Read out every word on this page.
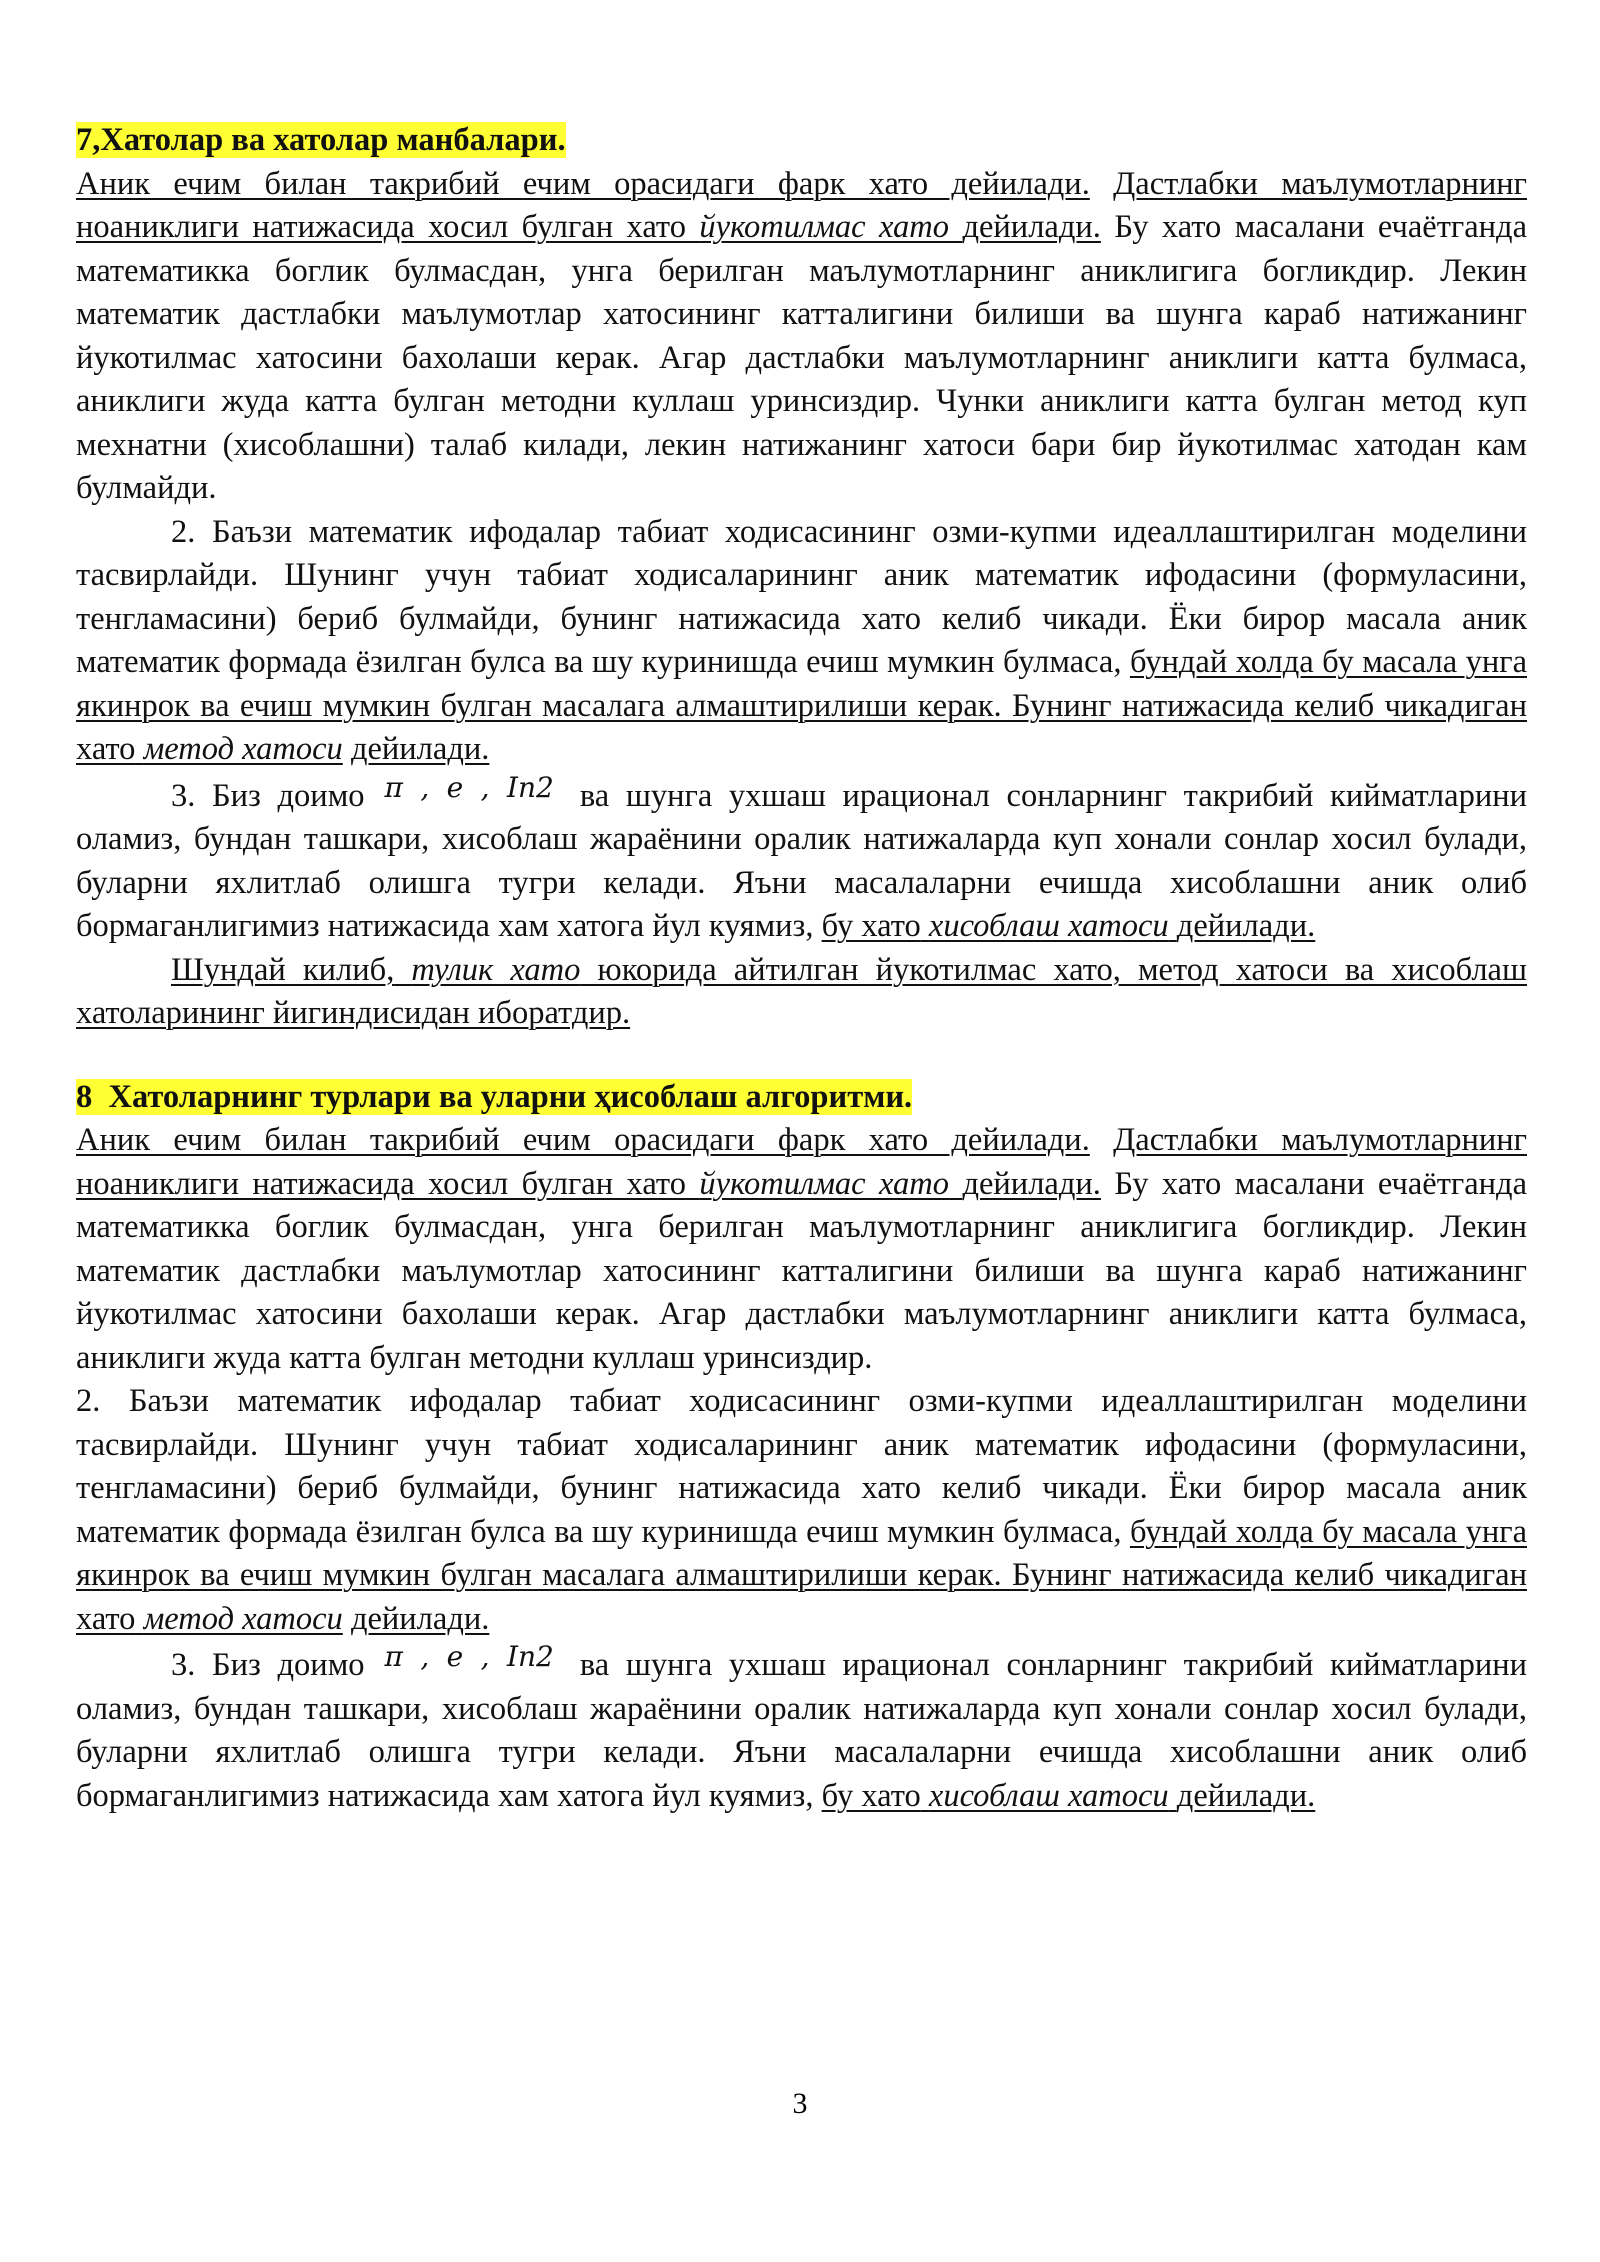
7,Хатолар ва хатолар манбалари.

Аник ечим билан такрибий ечим орасидаги фарк хато дейилади. Дастлабки маълумотларнинг ноаниклиги натижасида хосил булган хато йукотилмас хато дейилади. Бу хато масалани ечаётганда математикка боглик булмасдан, унга берилган маълумотларнинг аниклигига богликдир. Лекин математик дастлабки маълумотлар хатосининг катталигини билиши ва шунга караб натижанинг йукотилмас хатосини бахолаши керак. Агар дастлабки маълумотларнинг аниклиги катта булмаса, аниклиги жуда катта булган методни куллаш уринсиздир. Чунки аниклиги катта булган метод куп мехнатни (хисоблашни) талаб килади, лекин натижанинг хатоси бари бир йукотилмас хатодан кам булмайди.

2. Баъзи математик ифодалар табиат ходисасининг озми-купми идеаллаштирилган моделини тасвирлайди. Шунинг учун табиат ходисаларининг аник математик ифодасини (формуласини, тенгламасини) бериб булмайди, бунинг натижасида хато келиб чикади. Ёки бирор масала аник математик формада ёзилган булса ва шу куринишда ечиш мумкин булмаса, бундай холда бу масала унга якинрок ва ечиш мумкин булган масалага алмаштирилиши керак. Бунинг натижасида келиб чикадиган хато метод хатоси дейилади.

3. Биз доимо π , e , In2 ва шунга ухшаш ирационал сонларнинг такрибий кийматларини оламиз, бундан ташкари, хисоблаш жараёнини оралик натижаларда куп хонали сонлар хосил булади, буларни яхлитлаб олишга тугри келади. Яъни масалаларни ечишда хисоблашни аник олиб бормаганлигимиз натижасида хам хатога йул куямиз, бу хато хисоблаш хатоси дейилади.

Шундай килиб, тулик хато юкорида айтилган йукотилмас хато, метод хатоси ва хисоблаш хатоларининг йигиндисидан иборатдир.

8  Хатоларнинг турлари ва уларни ҳисоблаш алгоритми.

Аник ечим билан такрибий ечим орасидаги фарк хато дейилади. Дастлабки маълумотларнинг ноаниклиги натижасида хосил булган хато йукотилмас хато дейилади. Бу хато масалани ечаётганда математикка боглик булмасдан, унга берилган маълумотларнинг аниклигига богликдир. Лекин математик дастлабки маълумотлар хатосининг катталигини билиши ва шунга караб натижанинг йукотилмас хатосини бахолаши керак. Агар дастлабки маълумотларнинг аниклиги катта булмаса, аниклиги жуда катта булган методни куллаш уринсиздир.

2. Баъзи математик ифодалар табиат ходисасининг озми-купми идеаллаштирилган моделини тасвирлайди. Шунинг учун табиат ходисаларининг аник математик ифодасини (формуласини, тенгламасини) бериб булмайди, бунинг натижасида хато келиб чикади. Ёки бирор масала аник математик формада ёзилган булса ва шу куринишда ечиш мумкин булмаса, бундай холда бу масала унга якинрок ва ечиш мумкин булган масалага алмаштирилиши керак. Бунинг натижасида келиб чикадиган хато метод хатоси дейилади.

3. Биз доимо π , e , In2 ва шунга ухшаш ирационал сонларнинг такрибий кийматларини оламиз, бундан ташкари, хисоблаш жараёнини оралик натижаларда куп хонали сонлар хосил булади, буларни яхлитлаб олишга тугри келади. Яъни масалаларни ечишда хисоблашни аник олиб бормаганлигимиз натижасида хам хатога йул куямиз, бу хато хисоблаш хатоси дейилади.

3
